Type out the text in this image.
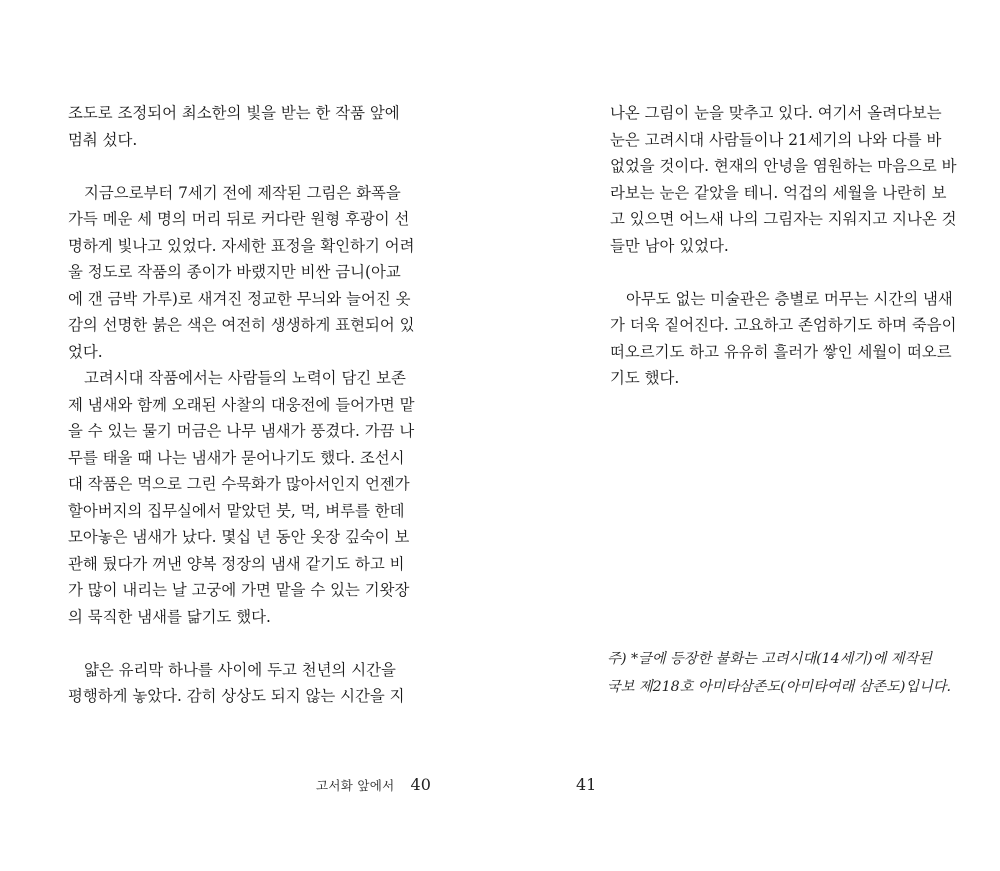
조도로 조정되어 최소한의 빛을 받는 한 작품 앞에
멈춰 섰다.
지금으로부터 7세기 전에 제작된 그림은 화폭을
가득 메운 세 명의 머리 뒤로 커다란 원형 후광이 선
명하게 빛나고 있었다. 자세한 표정을 확인하기 어려
울 정도로 작품의 종이가 바랬지만 비싼 금니(아교
에 갠 금박 가루)로 새겨진 정교한 무늬와 늘어진 옷
감의 선명한 붉은 색은 여전히 생생하게 표현되어 있
었다.
고려시대 작품에서는 사람들의 노력이 담긴 보존
제 냄새와 함께 오래된 사찰의 대웅전에 들어가면 맡
을 수 있는 물기 머금은 나무 냄새가 풍겼다. 가끔 나
무를 태울 때 나는 냄새가 묻어나기도 했다. 조선시
대 작품은 먹으로 그린 수묵화가 많아서인지 언젠가
할아버지의 집무실에서 맡았던 붓, 먹, 벼루를 한데
모아놓은 냄새가 났다. 몇십 년 동안 옷장 깊숙이 보
관해 뒀다가 꺼낸 양복 정장의 냄새 같기도 하고 비
가 많이 내리는 날 고궁에 가면 맡을 수 있는 기왓장
의 묵직한 냄새를 닮기도 했다.
얇은 유리막 하나를 사이에 두고 천년의 시간을
평행하게 놓았다. 감히 상상도 되지 않는 시간을 지
고서화 앞에서 40
나온 그림이 눈을 맞추고 있다. 여기서 올려다보는
눈은 고려시대 사람들이나 21세기의 나와 다를 바
없었을 것이다. 현재의 안녕을 염원하는 마음으로 바
라보는 눈은 같았을 테니. 억겁의 세월을 나란히 보
고 있으면 어느새 나의 그림자는 지워지고 지나온 것
들만 남아 있었다.
아무도 없는 미술관은 층별로 머무는 시간의 냄새
가 더욱 짙어진다. 고요하고 존엄하기도 하며 죽음이
떠오르기도 하고 유유히 흘러가 쌓인 세월이 떠오르
기도 했다.
41
주) *글에 등장한 불화는 고려시대(14세기)에 제작된
국보 제218호 아미타삼존도(아미타여래 삼존도)입니다.
